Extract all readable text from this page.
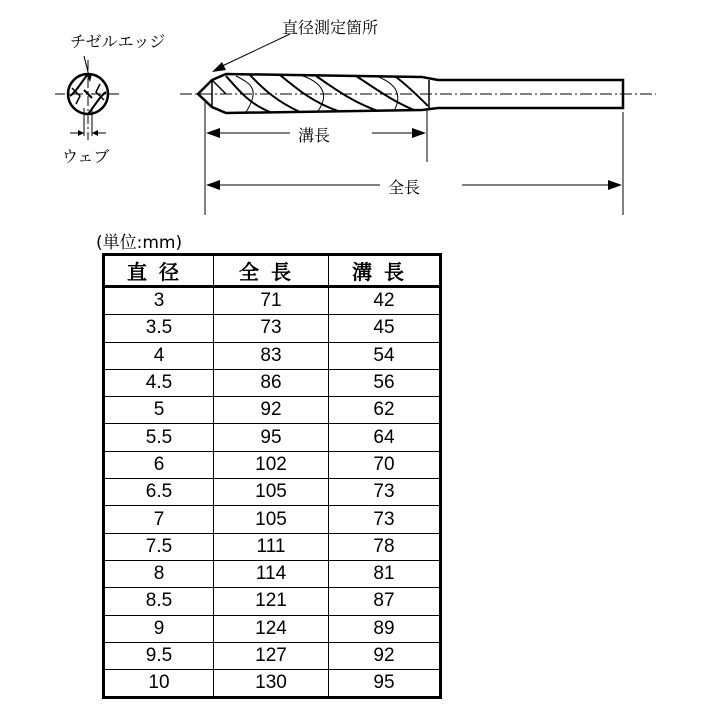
チゼルエッジ
ウェブ
直径測定箇所
溝長
全長
(単位:mm)
直径	全長	溝長
3	71	42
3.5	73	45
4	83	54
4.5	86	56
5	92	62
5.5	95	64
6	102	70
6.5	105	73
7	105	73
7.5	111	78
8	114	81
8.5	121	87
9	124	89
9.5	127	92
10	130	95
